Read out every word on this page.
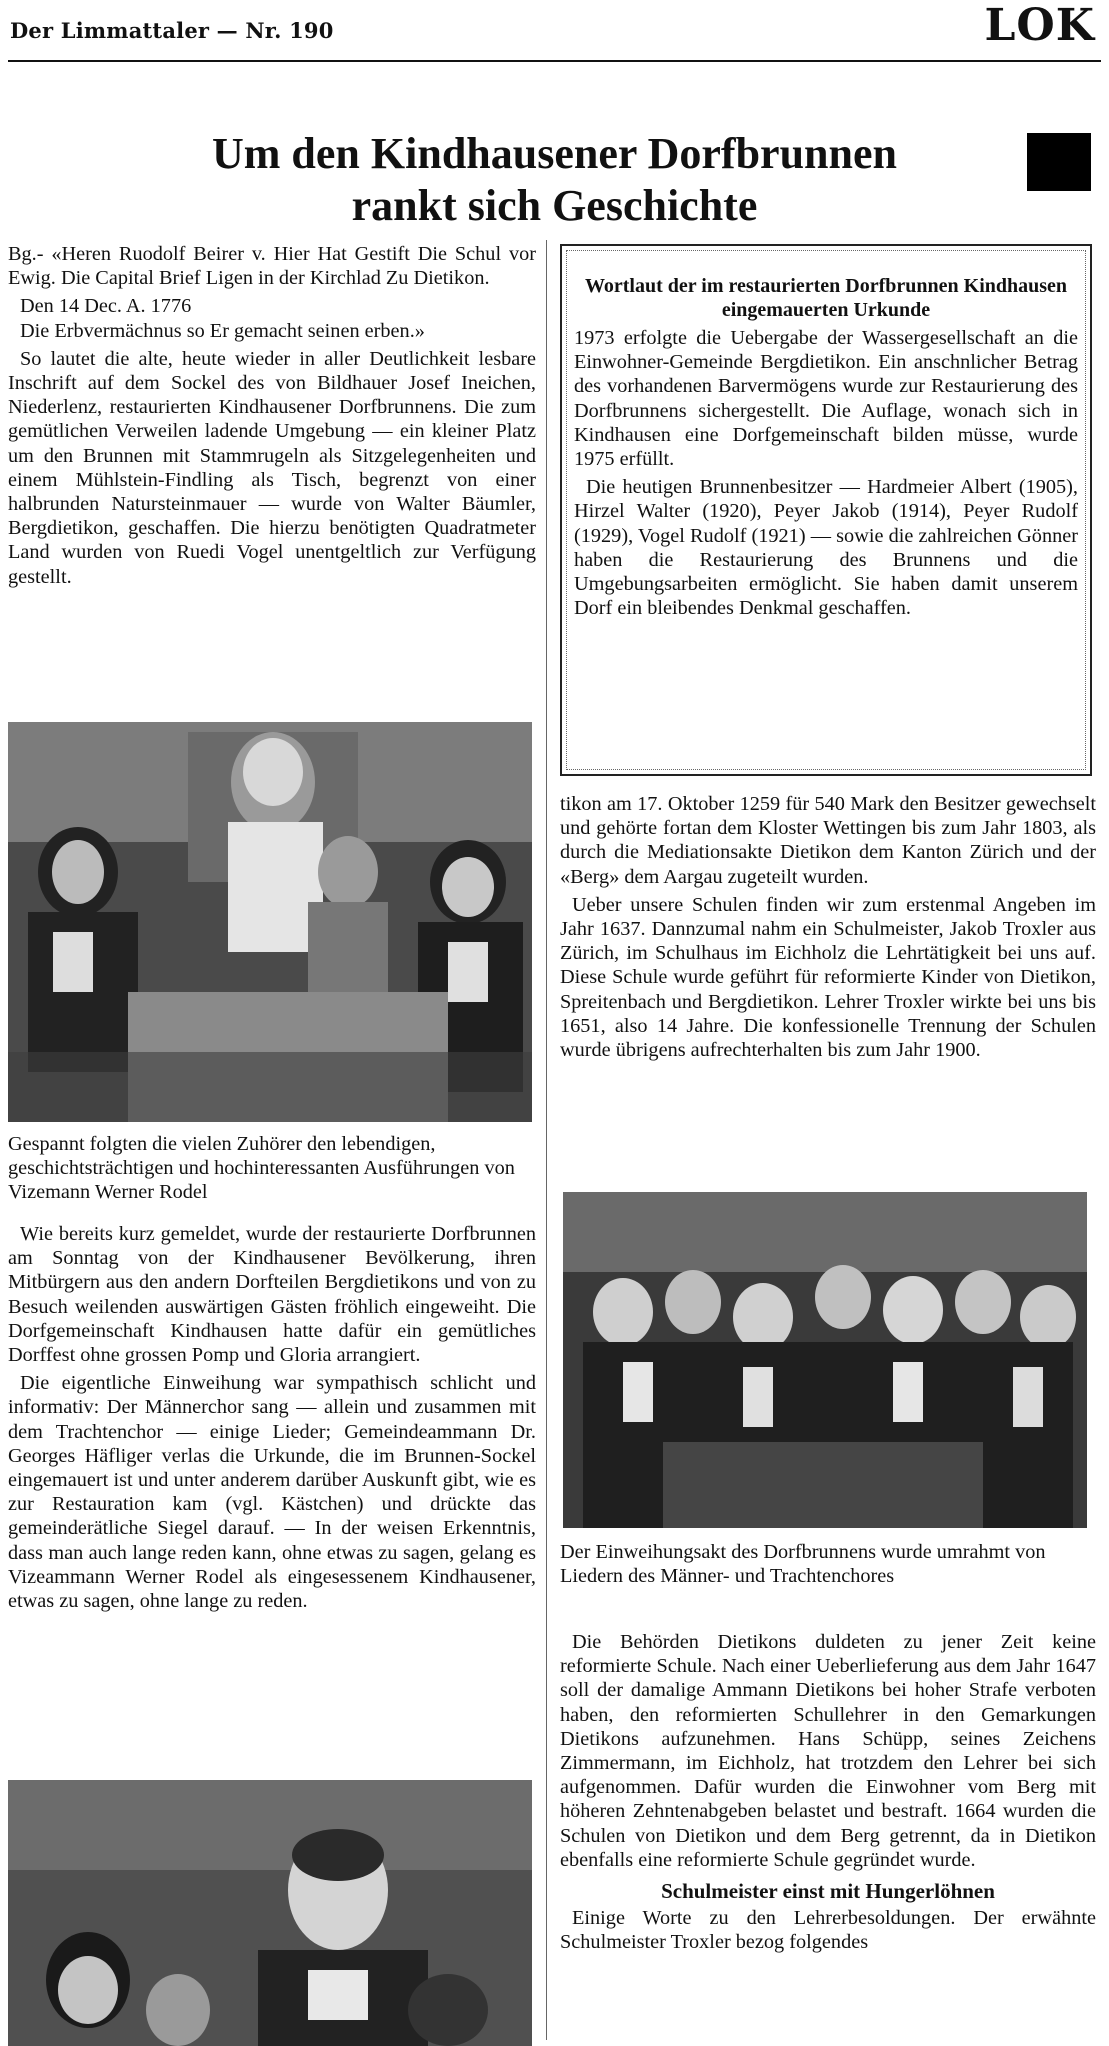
Der Limmattaler — Nr. 190	LOK
Um den Kindhausener Dorfbrunnen
rankt sich Geschichte

Bg.- «Heren Ruodolf Beirer v. Hier Hat Gestift Die Schul vor Ewig. Die Capital Brief Ligen in der Kirchlad Zu Dietikon.

Den 14 Dec. A. 1776

Die Erbvermächnus so Er gemacht seinen erben.»

So lautet die alte, heute wieder in aller Deutlichkeit lesbare Inschrift auf dem Sockel des von Bildhauer Josef Ineichen, Niederlenz, restaurierten Kindhausener Dorfbrunnens. Die zum gemütlichen Verweilen ladende Umgebung — ein kleiner Platz um den Brunnen mit Stammrugeln als Sitzgelegenheiten und einem Mühlstein-Findling als Tisch, begrenzt von einer halbrunden Natursteinmauer — wurde von Walter Bäumler, Bergdietikon, geschaffen. Die hierzu benötigten Quadratmeter Land wurden von Ruedi Vogel unentgeltlich zur Verfügung gestellt.

Gespannt folgten die vielen Zuhörer den lebendigen, geschichtsträchtigen und hochinteressanten Ausführungen von Vizemann Werner Rodel

Wie bereits kurz gemeldet, wurde der restaurierte Dorfbrunnen am Sonntag von der Kindhausener Bevölkerung, ihren Mitbürgern aus den andern Dorfteilen Bergdietikons und von zu Besuch weilenden auswärtigen Gästen fröhlich eingeweiht. Die Dorfgemeinschaft Kindhausen hatte dafür ein gemütliches Dorffest ohne grossen Pomp und Gloria arrangiert.

Die eigentliche Einweihung war sympathisch schlicht und informativ: Der Männerchor sang — allein und zusammen mit dem Trachtenchor — einige Lieder; Gemeindeammann Dr. Georges Häfliger verlas die Urkunde, die im Brunnen-Sockel eingemauert ist und unter anderem darüber Auskunft gibt, wie es zur Restauration kam (vgl. Kästchen) und drückte das gemeinderätliche Siegel darauf. — In der weisen Erkenntnis, dass man auch lange reden kann, ohne etwas zu sagen, gelang es Vizeammann Werner Rodel als eingesessenem Kindhausener, etwas zu sagen, ohne lange zu reden.

Wortlaut der im restaurierten Dorfbrunnen Kindhausen eingemauerten Urkunde

1973 erfolgte die Uebergabe der Wassergesellschaft an die Einwohner-Gemeinde Bergdietikon. Ein anschnlicher Betrag des vorhandenen Barvermögens wurde zur Restaurierung des Dorfbrunnens sichergestellt. Die Auflage, wonach sich in Kindhausen eine Dorfgemeinschaft bilden müsse, wurde 1975 erfüllt.

Die heutigen Brunnenbesitzer — Hardmeier Albert (1905), Hirzel Walter (1920), Peyer Jakob (1914), Peyer Rudolf (1929), Vogel Rudolf (1921) — sowie die zahlreichen Gönner haben die Restaurierung des Brunnens und die Umgebungsarbeiten ermöglicht. Sie haben damit unserem Dorf ein bleibendes Denkmal geschaffen.

tikon am 17. Oktober 1259 für 540 Mark den Besitzer gewechselt und gehörte fortan dem Kloster Wettingen bis zum Jahr 1803, als durch die Mediationsakte Dietikon dem Kanton Zürich und der «Berg» dem Aargau zugeteilt wurden.

Ueber unsere Schulen finden wir zum erstenmal Angeben im Jahr 1637. Dannzumal nahm ein Schulmeister, Jakob Troxler aus Zürich, im Schulhaus im Eichholz die Lehrtätigkeit bei uns auf. Diese Schule wurde geführt für reformierte Kinder von Dietikon, Spreitenbach und Bergdietikon. Lehrer Troxler wirkte bei uns bis 1651, also 14 Jahre. Die konfessionelle Trennung der Schulen wurde übrigens aufrechterhalten bis zum Jahr 1900.

Der Einweihungsakt des Dorfbrunnens wurde umrahmt von Liedern des Männer- und Trachtenchores

Die Behörden Dietikons duldeten zu jener Zeit keine reformierte Schule. Nach einer Ueberlieferung aus dem Jahr 1647 soll der damalige Ammann Dietikons bei hoher Strafe verboten haben, den reformierten Schullehrer in den Gemarkungen Dietikons aufzunehmen. Hans Schüpp, seines Zeichens Zimmermann, im Eichholz, hat trotzdem den Lehrer bei sich aufgenommen. Dafür wurden die Einwohner vom Berg mit höheren Zehntenabgeben belastet und bestraft. 1664 wurden die Schulen von Dietikon und dem Berg getrennt, da in Dietikon ebenfalls eine reformierte Schule gegründet wurde.

Schulmeister einst mit Hungerlöhnen

Einige Worte zu den Lehrerbesoldungen. Der erwähnte Schulmeister Troxler bezog folgendes
